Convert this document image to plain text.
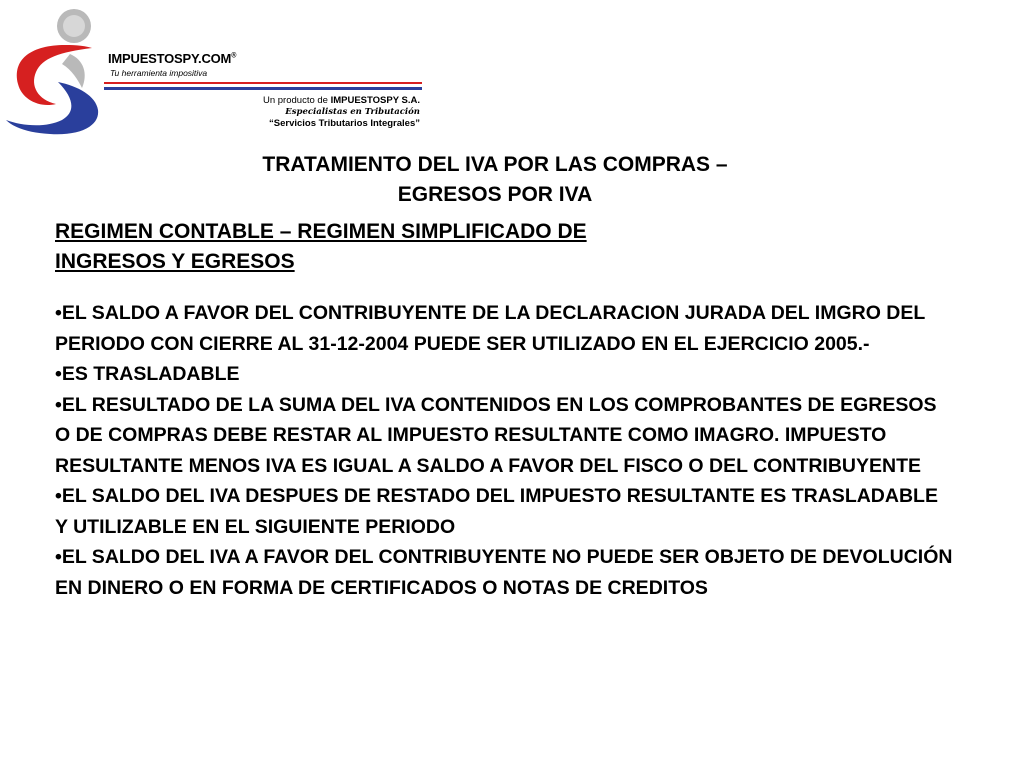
IMPUESTOSPY.COM®
Tu herramienta impositiva
Un producto de IMPUESTOSPY S.A.
Especialistas en Tributación
“Servicios Tributarios Integrales”
TRATAMIENTO DEL IVA POR LAS COMPRAS –
EGRESOS POR IVA
REGIMEN CONTABLE – REGIMEN SIMPLIFICADO DE
INGRESOS Y EGRESOS
•EL SALDO A FAVOR DEL CONTRIBUYENTE DE LA DECLARACION JURADA DEL IMGRO DEL PERIODO CON CIERRE AL 31-12-2004 PUEDE SER UTILIZADO EN EL EJERCICIO 2005.-
•ES TRASLADABLE
•EL RESULTADO DE LA SUMA DEL IVA CONTENIDOS EN LOS COMPROBANTES DE EGRESOS O DE COMPRAS DEBE RESTAR AL IMPUESTO RESULTANTE COMO IMAGRO. IMPUESTO RESULTANTE MENOS IVA ES IGUAL A SALDO A FAVOR DEL FISCO O DEL CONTRIBUYENTE
•EL SALDO DEL IVA DESPUES DE RESTADO DEL IMPUESTO RESULTANTE ES TRASLADABLE Y UTILIZABLE EN EL SIGUIENTE PERIODO
•EL SALDO DEL IVA A FAVOR DEL CONTRIBUYENTE NO PUEDE SER OBJETO DE DEVOLUCIÓN EN DINERO O EN FORMA DE CERTIFICADOS O NOTAS DE CREDITOS
